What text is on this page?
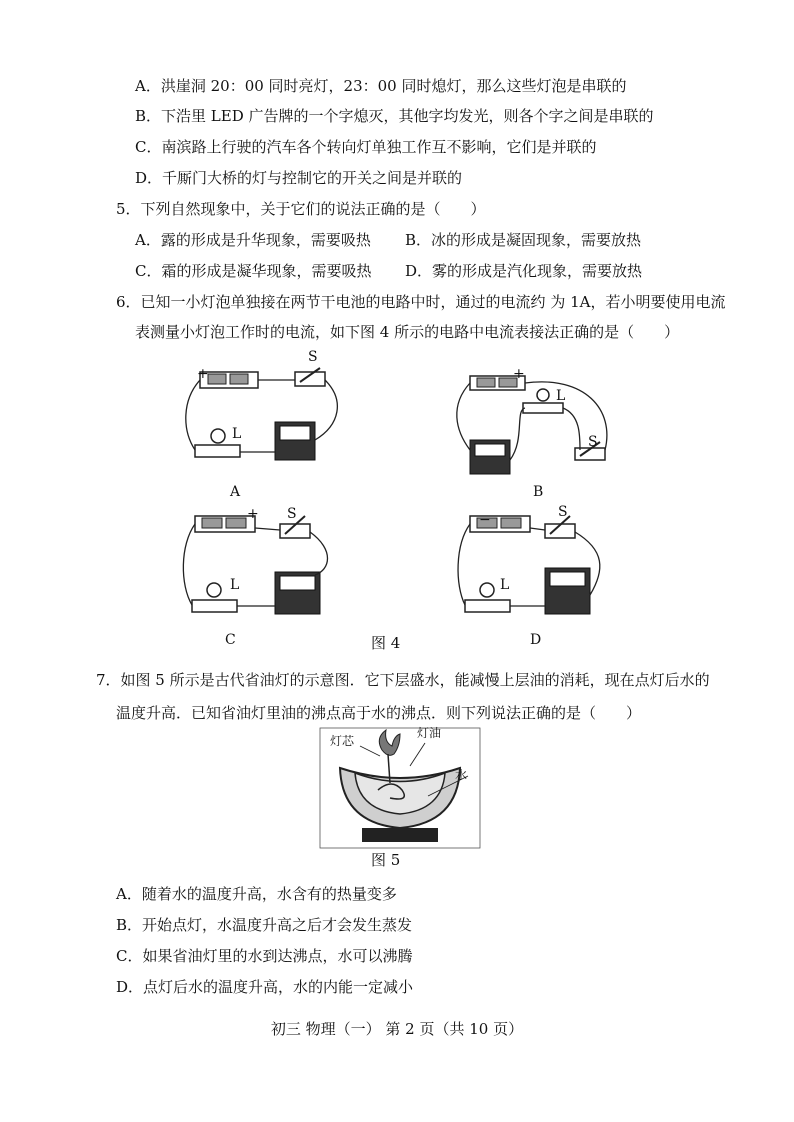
A．洪崖洞 20：00 同时亮灯，23：00 同时熄灯，那么这些灯泡是串联的
B．下浩里 LED 广告牌的一个字熄灭，其他字均发光，则各个字之间是串联的
C．南滨路上行驶的汽车各个转向灯单独工作互不影响，它们是并联的
D．千厮门大桥的灯与控制它的开关之间是并联的
5．下列自然现象中，关于它们的说法正确的是（　　）
A．露的形成是升华现象，需要吸热 B．冰的形成是凝固现象，需要放热
C．霜的形成是凝华现象，需要吸热 D．雾的形成是汽化现象，需要放热
6．已知一小灯泡单独接在两节干电池的电路中时，通过的电流约 为 1A，若小明要使用电流
表测量小灯泡工作时的电流，如下图 4 所示的电路中电流表接法正确的是（　　）
+
S
L
A
+
L
S
B
+ S
L
C	图 4
−	S
L
D
7．如图 5 所示是古代省油灯的示意图．它下层盛水，能减慢上层油的消耗，现在点灯后水的
温度升高．已知省油灯里油的沸点高于水的沸点．则下列说法正确的是（　　）
灯芯
灯油
水
图 5
A．随着水的温度升高，水含有的热量变多
B．开始点灯，水温度升高之后才会发生蒸发
C．如果省油灯里的水到达沸点，水可以沸腾
D．点灯后水的温度升高，水的内能一定减小
初三 物理（一） 第 2 页（共 10 页）
